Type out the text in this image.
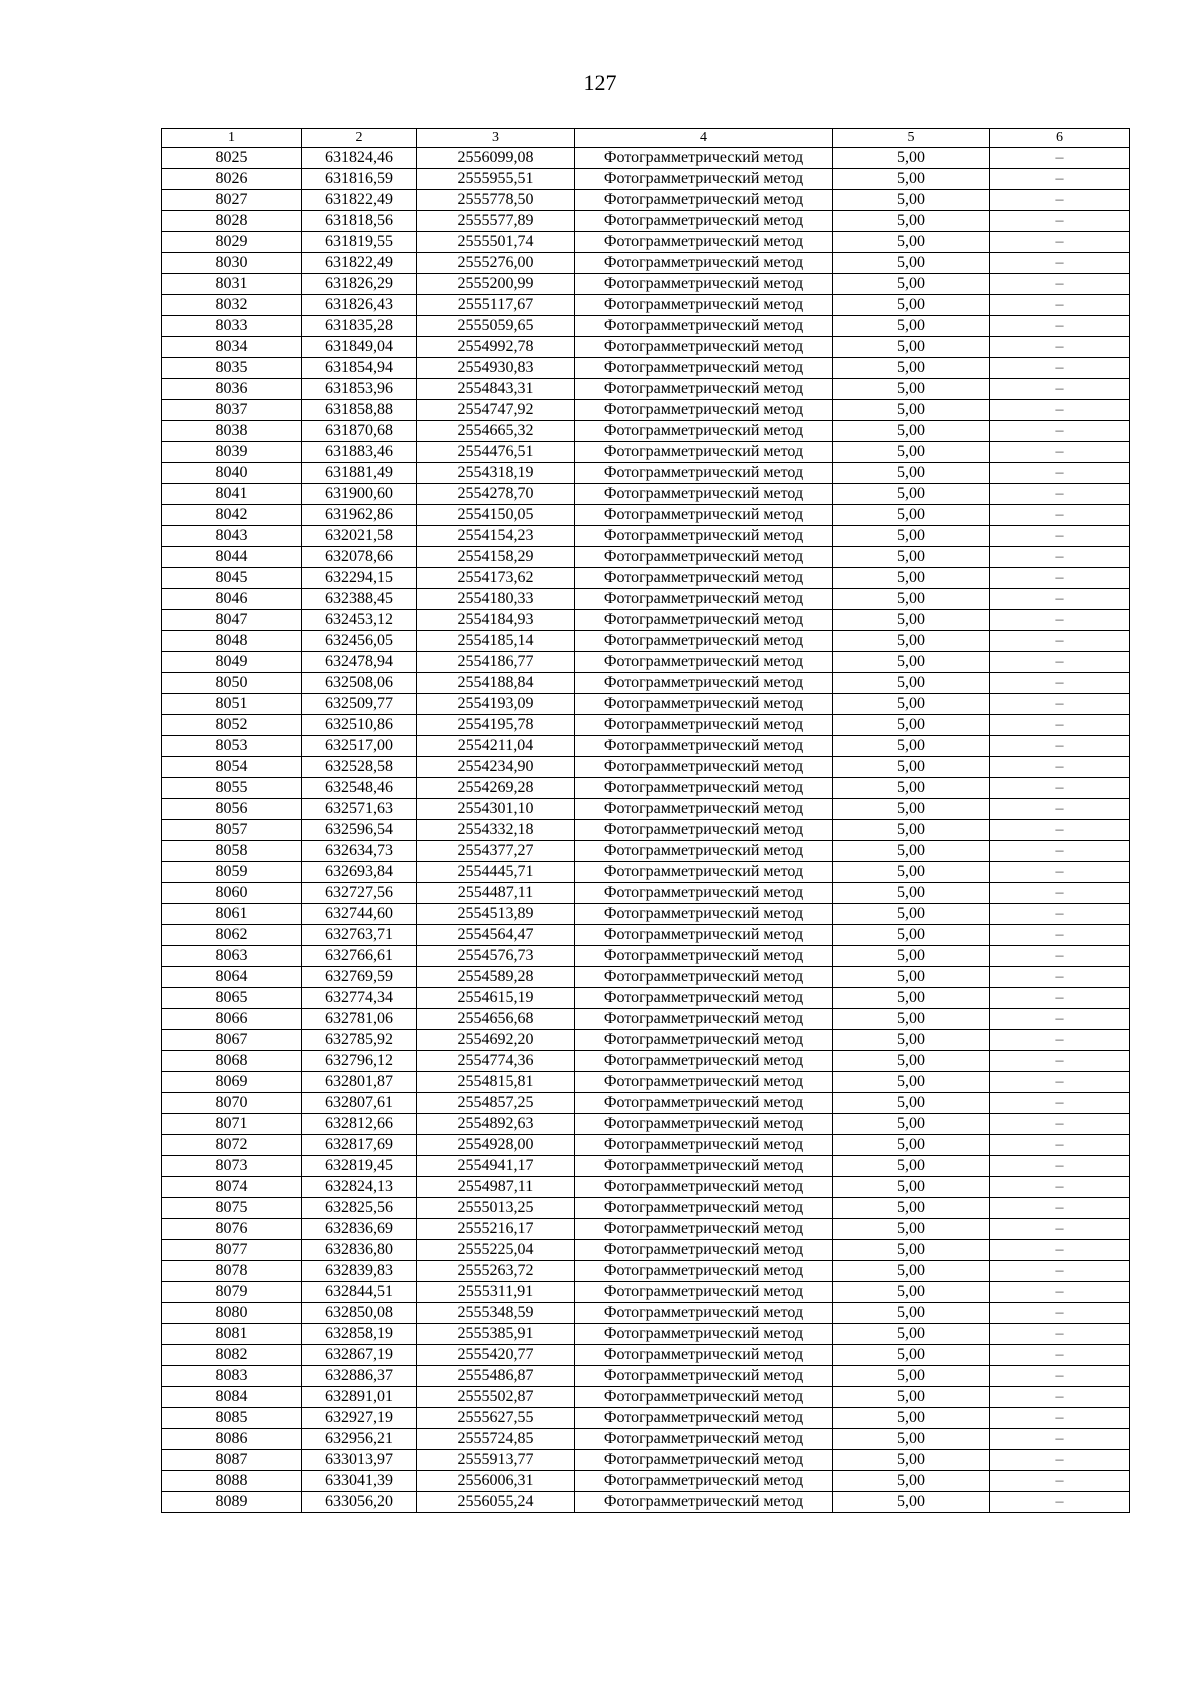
127
1	2	3	4	5	6
8025	631824,46	2556099,08	Фотограмметрический метод	5,00	–
8026	631816,59	2555955,51	Фотограмметрический метод	5,00	–
8027	631822,49	2555778,50	Фотограмметрический метод	5,00	–
8028	631818,56	2555577,89	Фотограмметрический метод	5,00	–
8029	631819,55	2555501,74	Фотограмметрический метод	5,00	–
8030	631822,49	2555276,00	Фотограмметрический метод	5,00	–
8031	631826,29	2555200,99	Фотограмметрический метод	5,00	–
8032	631826,43	2555117,67	Фотограмметрический метод	5,00	–
8033	631835,28	2555059,65	Фотограмметрический метод	5,00	–
8034	631849,04	2554992,78	Фотограмметрический метод	5,00	–
8035	631854,94	2554930,83	Фотограмметрический метод	5,00	–
8036	631853,96	2554843,31	Фотограмметрический метод	5,00	–
8037	631858,88	2554747,92	Фотограмметрический метод	5,00	–
8038	631870,68	2554665,32	Фотограмметрический метод	5,00	–
8039	631883,46	2554476,51	Фотограмметрический метод	5,00	–
8040	631881,49	2554318,19	Фотограмметрический метод	5,00	–
8041	631900,60	2554278,70	Фотограмметрический метод	5,00	–
8042	631962,86	2554150,05	Фотограмметрический метод	5,00	–
8043	632021,58	2554154,23	Фотограмметрический метод	5,00	–
8044	632078,66	2554158,29	Фотограмметрический метод	5,00	–
8045	632294,15	2554173,62	Фотограмметрический метод	5,00	–
8046	632388,45	2554180,33	Фотограмметрический метод	5,00	–
8047	632453,12	2554184,93	Фотограмметрический метод	5,00	–
8048	632456,05	2554185,14	Фотограмметрический метод	5,00	–
8049	632478,94	2554186,77	Фотограмметрический метод	5,00	–
8050	632508,06	2554188,84	Фотограмметрический метод	5,00	–
8051	632509,77	2554193,09	Фотограмметрический метод	5,00	–
8052	632510,86	2554195,78	Фотограмметрический метод	5,00	–
8053	632517,00	2554211,04	Фотограмметрический метод	5,00	–
8054	632528,58	2554234,90	Фотограмметрический метод	5,00	–
8055	632548,46	2554269,28	Фотограмметрический метод	5,00	–
8056	632571,63	2554301,10	Фотограмметрический метод	5,00	–
8057	632596,54	2554332,18	Фотограмметрический метод	5,00	–
8058	632634,73	2554377,27	Фотограмметрический метод	5,00	–
8059	632693,84	2554445,71	Фотограмметрический метод	5,00	–
8060	632727,56	2554487,11	Фотограмметрический метод	5,00	–
8061	632744,60	2554513,89	Фотограмметрический метод	5,00	–
8062	632763,71	2554564,47	Фотограмметрический метод	5,00	–
8063	632766,61	2554576,73	Фотограмметрический метод	5,00	–
8064	632769,59	2554589,28	Фотограмметрический метод	5,00	–
8065	632774,34	2554615,19	Фотограмметрический метод	5,00	–
8066	632781,06	2554656,68	Фотограмметрический метод	5,00	–
8067	632785,92	2554692,20	Фотограмметрический метод	5,00	–
8068	632796,12	2554774,36	Фотограмметрический метод	5,00	–
8069	632801,87	2554815,81	Фотограмметрический метод	5,00	–
8070	632807,61	2554857,25	Фотограмметрический метод	5,00	–
8071	632812,66	2554892,63	Фотограмметрический метод	5,00	–
8072	632817,69	2554928,00	Фотограмметрический метод	5,00	–
8073	632819,45	2554941,17	Фотограмметрический метод	5,00	–
8074	632824,13	2554987,11	Фотограмметрический метод	5,00	–
8075	632825,56	2555013,25	Фотограмметрический метод	5,00	–
8076	632836,69	2555216,17	Фотограмметрический метод	5,00	–
8077	632836,80	2555225,04	Фотограмметрический метод	5,00	–
8078	632839,83	2555263,72	Фотограмметрический метод	5,00	–
8079	632844,51	2555311,91	Фотограмметрический метод	5,00	–
8080	632850,08	2555348,59	Фотограмметрический метод	5,00	–
8081	632858,19	2555385,91	Фотограмметрический метод	5,00	–
8082	632867,19	2555420,77	Фотограмметрический метод	5,00	–
8083	632886,37	2555486,87	Фотограмметрический метод	5,00	–
8084	632891,01	2555502,87	Фотограмметрический метод	5,00	–
8085	632927,19	2555627,55	Фотограмметрический метод	5,00	–
8086	632956,21	2555724,85	Фотограмметрический метод	5,00	–
8087	633013,97	2555913,77	Фотограмметрический метод	5,00	–
8088	633041,39	2556006,31	Фотограмметрический метод	5,00	–
8089	633056,20	2556055,24	Фотограмметрический метод	5,00	–
